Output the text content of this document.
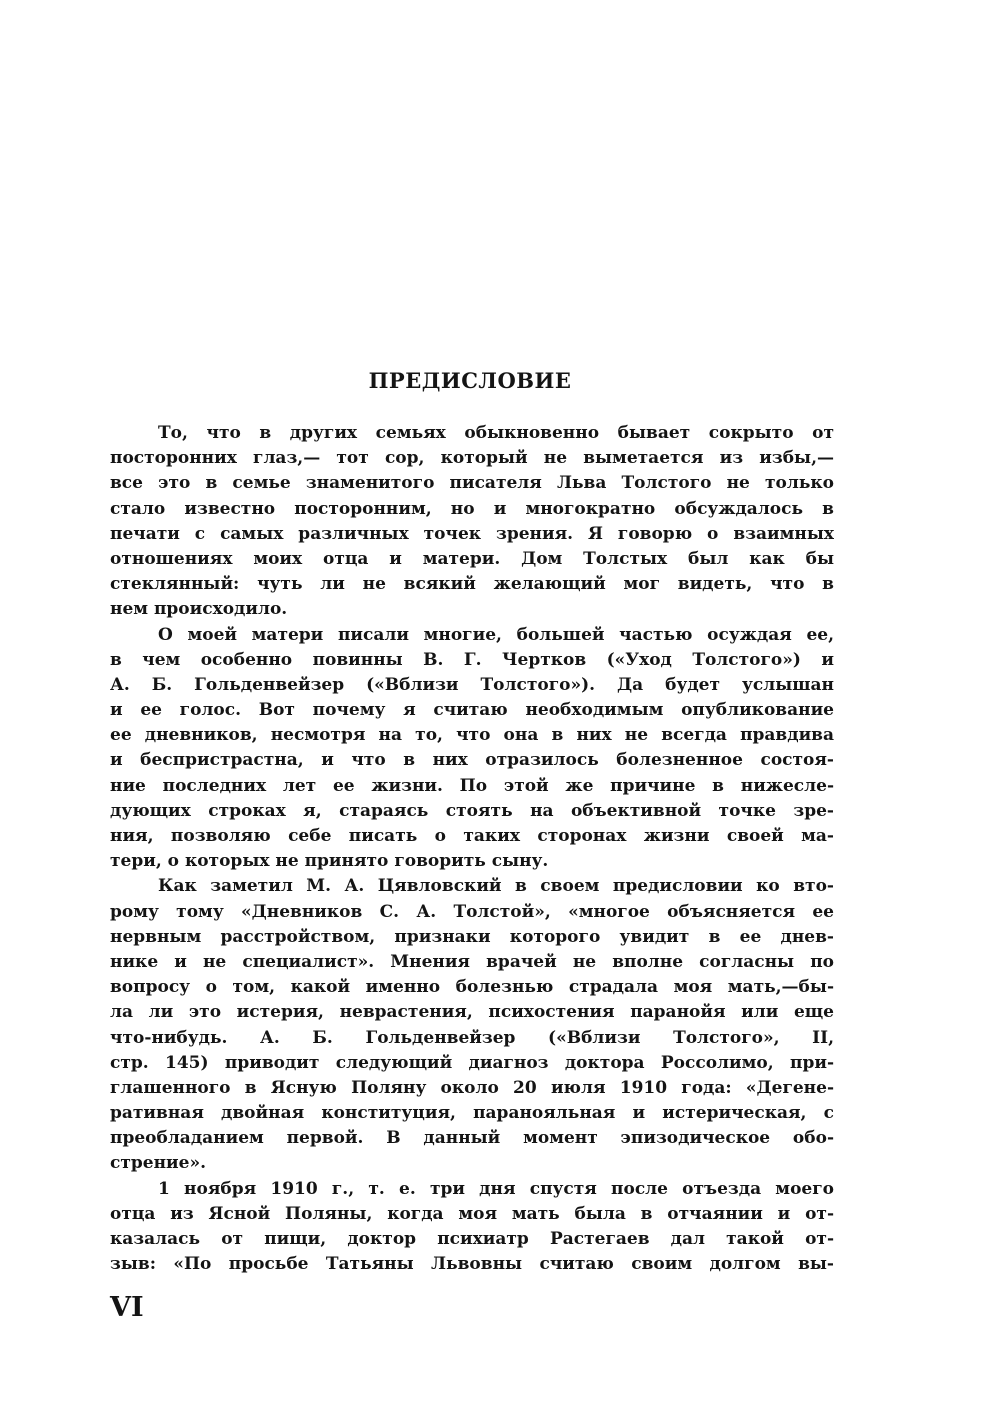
ПРЕДИСЛОВИЕ
То, что в других семьях обыкновенно бывает сокрыто от
посторонних глаз,— тот сор, который не выметается из избы,—
все это в семье знаменитого писателя Льва Толстого не только
стало известно посторонним, но и многократно обсуждалось в
печати с самых различных точек зрения. Я говорю о взаимных
отношениях моих отца и матери. Дом Толстых был как бы
стеклянный: чуть ли не всякий желающий мог видеть, что в
нем происходило.
О моей матери писали многие, большей частью осуждая ее,
в чем особенно повинны В. Г. Чертков («Уход Толстого») и
А. Б. Гольденвейзер («Вблизи Толстого»). Да будет услышан
и ее голос. Вот почему я считаю необходимым опубликование
ее дневников, несмотря на то, что она в них не всегда правдива
и беспристрастна, и что в них отразилось болезненное состоя-
ние последних лет ее жизни. По этой же причине в нижесле-
дующих строках я, стараясь стоять на объективной точке зре-
ния, позволяю себе писать о таких сторонах жизни своей ма-
тери, о которых не принято говорить сыну.
Как заметил М. А. Цявловский в своем предисловии ко вто-
рому тому «Дневников С. А. Толстой», «многое объясняется ее
нервным расстройством, признаки которого увидит в ее днев-
нике и не специалист». Мнения врачей не вполне согласны по
вопросу о том, какой именно болезнью страдала моя мать,—бы-
ла ли это истерия, неврастения, психостения паранойя или еще
что-нибудь. А. Б. Гольденвейзер («Вблизи Толстого», II,
стр. 145) приводит следующий диагноз доктора Россолимо, при-
глашенного в Ясную Поляну около 20 июля 1910 года: «Дегене-
ративная двойная конституция, паранояльная и истерическая, с
преобладанием первой. В данный момент эпизодическое обо-
стрение».
1 ноября 1910 г., т. е. три дня спустя после отъезда моего
отца из Ясной Поляны, когда моя мать была в отчаянии и от-
казалась от пищи, доктор психиатр Растегаев дал такой от-
зыв: «По просьбе Татьяны Львовны считаю своим долгом вы-
VI
